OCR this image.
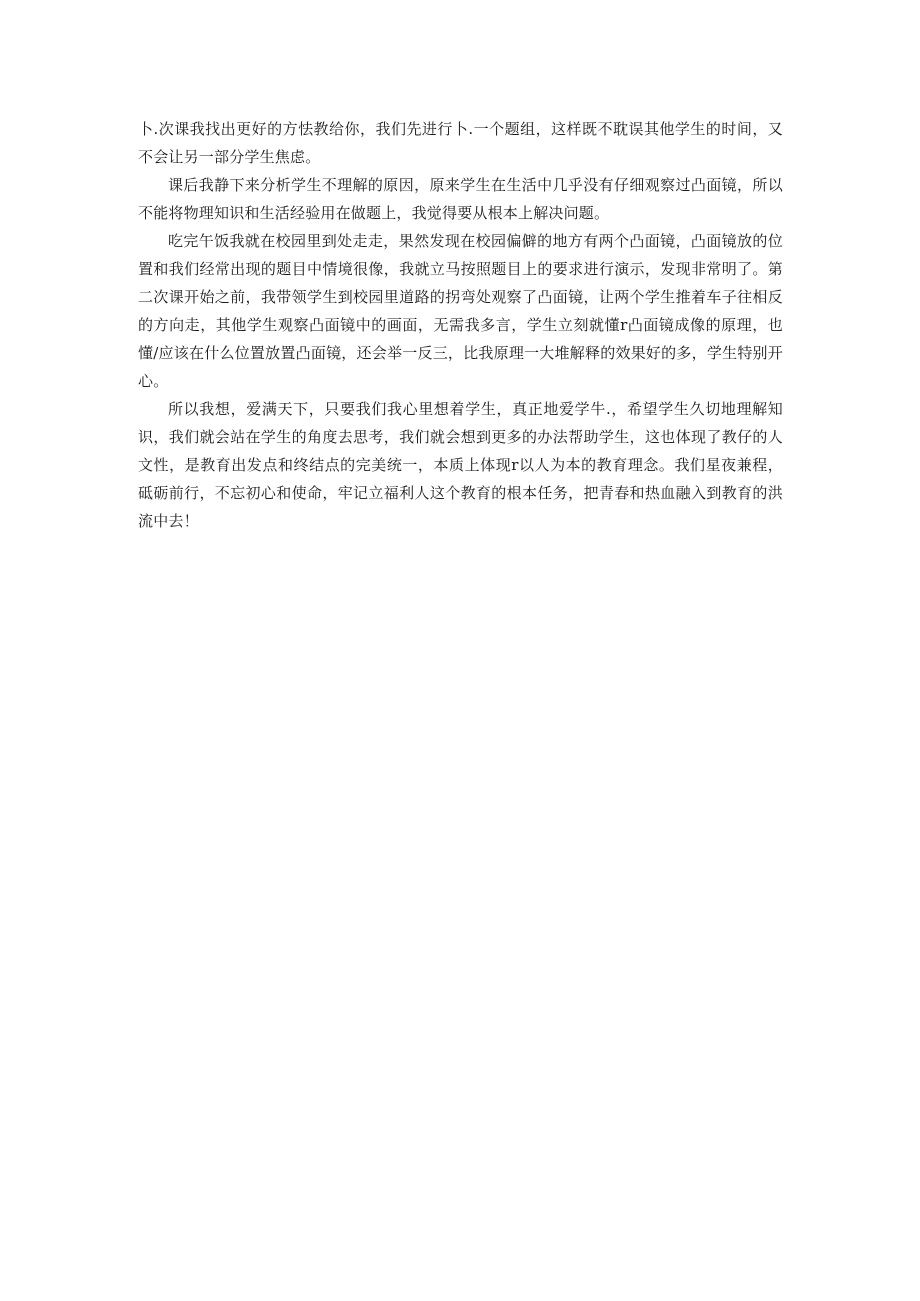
卜.次课我找出更好的方怯教给你，我们先进行卜.一个题组，这样既不耽误其他学生的时间，又不会让另一部分学生焦虑。

课后我静下来分析学生不理解的原因，原来学生在生活中几乎没有仔细观察过凸面镜，所以不能将物理知识和生活经验用在做题上，我觉得要从根本上解决问题。

吃完午饭我就在校园里到处走走，果然发现在校园偏僻的地方有两个凸面镜，凸面镜放的位置和我们经常出现的题目中情境很像，我就立马按照题目上的要求进行演示，发现非常明了。第二次课开始之前，我带领学生到校园里道路的拐弯处观察了凸面镜，让两个学生推着车子往相反的方向走，其他学生观察凸面镜中的画面，无需我多言，学生立刻就懂r凸面镜成像的原理，也懂/应该在什么位置放置凸面镜，还会举一反三，比我原理一大堆解释的效果好的多，学生特别开心。

所以我想，爱满天下，只要我们我心里想着学生，真正地爱学牛.，希望学生久切地理解知识，我们就会站在学生的角度去思考，我们就会想到更多的办法帮助学生，这也体现了教仔的人文性，是教育出发点和终结点的完美统一，本质上体现r以人为本的教育理念。我们星夜兼程，砥砺前行，不忘初心和使命，牢记立福利人这个教育的根本任务，把青春和热血融入到教育的洪流中去！
